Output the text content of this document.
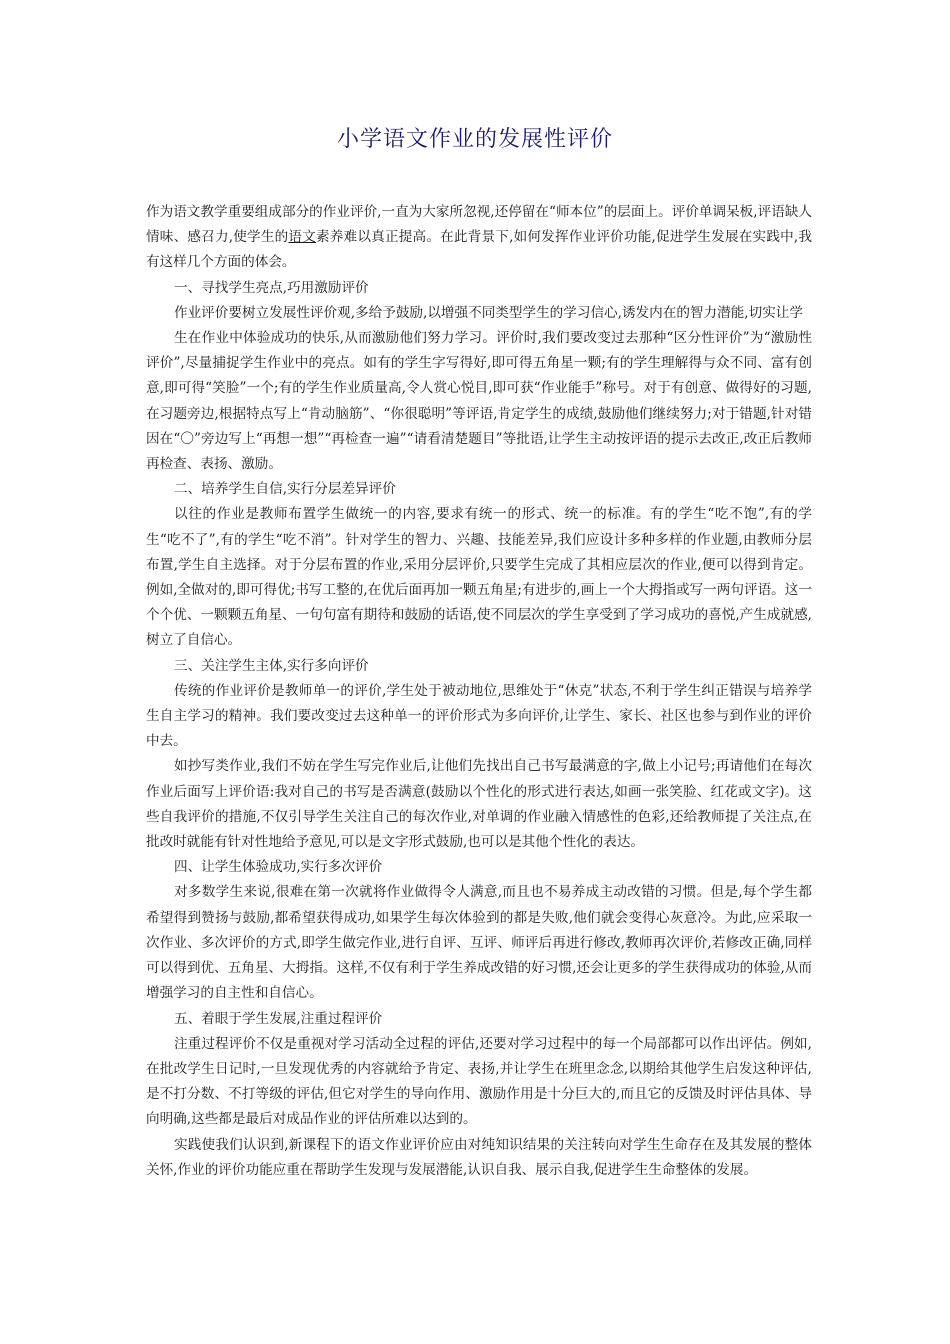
小学语文作业的发展性评价

作为语文教学重要组成部分的作业评价,一直为大家所忽视,还停留在“师本位”的层面上。评价单调呆板,评语缺人情味、感召力,使学生的语文素养难以真正提高。在此背景下,如何发挥作业评价功能,促进学生发展在实践中,我有这样几个方面的体会。

一、寻找学生亮点,巧用激励评价

作业评价要树立发展性评价观,多给予鼓励,以增强不同类型学生的学习信心,诱发内在的智力潜能,切实让学

生在作业中体验成功的快乐,从而激励他们努力学习。评价时,我们要改变过去那种“区分性评价”为“激励性评价”,尽量捕捉学生作业中的亮点。如有的学生字写得好,即可得五角星一颗;有的学生理解得与众不同、富有创意,即可得“笑脸”一个;有的学生作业质量高,令人赏心悦目,即可获“作业能手”称号。对于有创意、做得好的习题,在习题旁边,根据特点写上“肯动脑筋”、“你很聪明”等评语,肯定学生的成绩,鼓励他们继续努力;对于错题,针对错因在“〇”旁边写上“再想一想”“再检查一遍”“请看清楚题目”等批语,让学生主动按评语的提示去改正,改正后教师再检查、表扬、激励。

二、培养学生自信,实行分层差异评价

以往的作业是教师布置学生做统一的内容,要求有统一的形式、统一的标准。有的学生“吃不饱”,有的学生“吃不了”,有的学生“吃不消”。针对学生的智力、兴趣、技能差异,我们应设计多种多样的作业题,由教师分层布置,学生自主选择。对于分层布置的作业,采用分层评价,只要学生完成了其相应层次的作业,便可以得到肯定。例如,全做对的,即可得优;书写工整的,在优后面再加一颗五角星;有进步的,画上一个大拇指或写一两句评语。这一个个优、一颗颗五角星、一句句富有期待和鼓励的话语,使不同层次的学生享受到了学习成功的喜悦,产生成就感,树立了自信心。

三、关注学生主体,实行多向评价

传统的作业评价是教师单一的评价,学生处于被动地位,思维处于“休克”状态,不利于学生纠正错误与培养学生自主学习的精神。我们要改变过去这种单一的评价形式为多向评价,让学生、家长、社区也参与到作业的评价中去。

如抄写类作业,我们不妨在学生写完作业后,让他们先找出自己书写最满意的字,做上小记号;再请他们在每次作业后面写上评价语:我对自己的书写是否满意(鼓励以个性化的形式进行表达,如画一张笑脸、红花或文字)。这些自我评价的措施,不仅引导学生关注自己的每次作业,对单调的作业融入情感性的色彩,还给教师提了关注点,在批改时就能有针对性地给予意见,可以是文字形式鼓励,也可以是其他个性化的表达。

四、让学生体验成功,实行多次评价

对多数学生来说,很难在第一次就将作业做得令人满意,而且也不易养成主动改错的习惯。但是,每个学生都希望得到赞扬与鼓励,都希望获得成功,如果学生每次体验到的都是失败,他们就会变得心灰意冷。为此,应采取一次作业、多次评价的方式,即学生做完作业,进行自评、互评、师评后再进行修改,教师再次评价,若修改正确,同样可以得到优、五角星、大拇指。这样,不仅有利于学生养成改错的好习惯,还会让更多的学生获得成功的体验,从而增强学习的自主性和自信心。

五、着眼于学生发展,注重过程评价

注重过程评价不仅是重视对学习活动全过程的评估,还要对学习过程中的每一个局部都可以作出评估。例如,在批改学生日记时,一旦发现优秀的内容就给予肯定、表扬,并让学生在班里念念,以期给其他学生启发这种评估,是不打分数、不打等级的评估,但它对学生的导向作用、激励作用是十分巨大的,而且它的反馈及时评估具体、导向明确,这些都是最后对成品作业的评估所难以达到的。

实践使我们认识到,新课程下的语文作业评价应由对纯知识结果的关注转向对学生生命存在及其发展的整体关怀,作业的评价功能应重在帮助学生发现与发展潜能,认识自我、展示自我,促进学生生命整体的发展。
